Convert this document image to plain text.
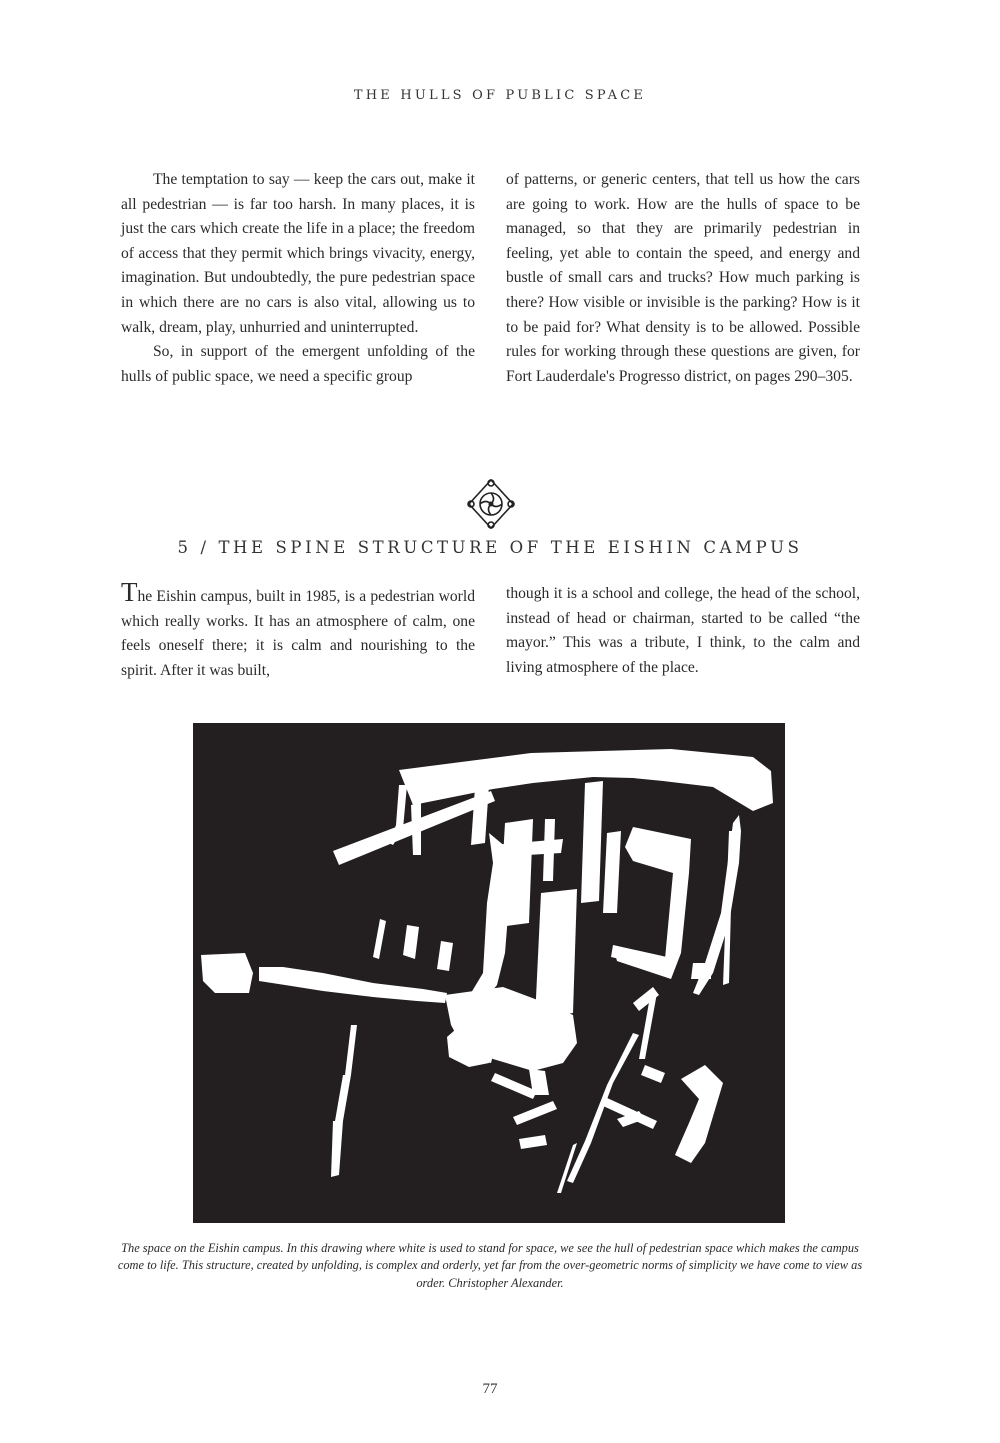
THE HULLS OF PUBLIC SPACE

The temptation to say — keep the cars out, make it all pedestrian — is far too harsh. In many places, it is just the cars which create the life in a place; the freedom of access that they permit which brings vivacity, energy, imagination. But undoubtedly, the pure pedestrian space in which there are no cars is also vital, allowing us to walk, dream, play, unhurried and uninterrupted.

So, in support of the emergent unfolding of the hulls of public space, we need a specific group

of patterns, or generic centers, that tell us how the cars are going to work. How are the hulls of space to be managed, so that they are primarily pedestrian in feeling, yet able to contain the speed, and energy and bustle of small cars and trucks? How much parking is there? How visible or invisible is the parking? How is it to be paid for? What density is to be allowed. Possible rules for working through these questions are given, for Fort Lauderdale's Progresso district, on pages 290–305.

5 / THE SPINE STRUCTURE OF THE EISHIN CAMPUS

The Eishin campus, built in 1985, is a pedestrian world which really works. It has an atmosphere of calm, one feels oneself there; it is calm and nourishing to the spirit. After it was built,

though it is a school and college, the head of the school, instead of head or chairman, started to be called “the mayor.” This was a tribute, I think, to the calm and living atmosphere of the place.

The space on the Eishin campus. In this drawing where white is used to stand for space, we see the hull of pedestrian space which makes the campus come to life. This structure, created by unfolding, is complex and orderly, yet far from the over-geometric norms of simplicity we have come to view as order. Christopher Alexander.
77
